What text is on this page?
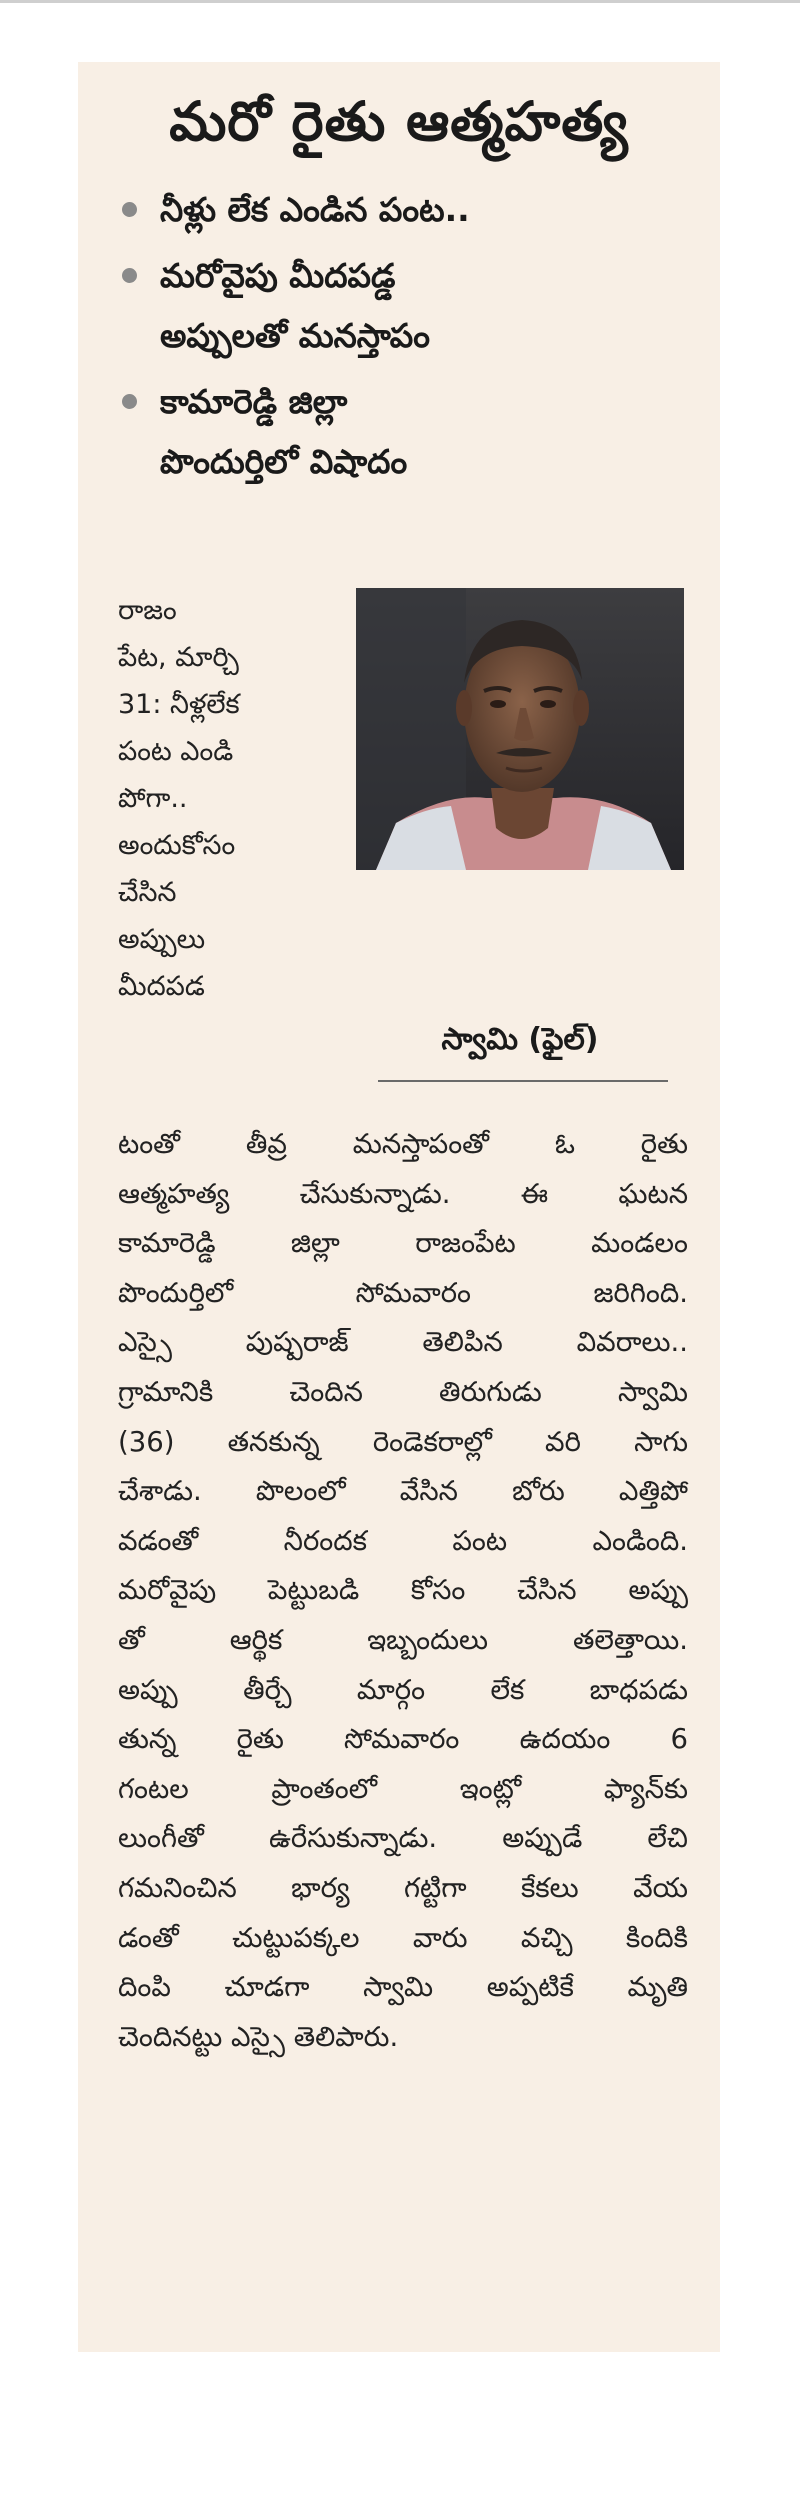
మరో రైతు ఆత్మహత్య
నీళ్లు లేక ఎండిన పంట..
మరోవైపు మీదపడ్డ
అప్పులతో మనస్తాపం
కామారెడ్డి జిల్లా
పొందుర్తిలో విషాదం
రాజం
పేట, మార్చి
31: నీళ్లలేక
పంట ఎండి
పోగా..
అందుకోసం
చేసిన
అప్పులు
మీదపడ
స్వామి (ఫైల్)
టంతో తీవ్ర మనస్తాపంతో ఓ రైతు
ఆత్మహత్య చేసుకున్నాడు. ఈ ఘటన
కామారెడ్డి జిల్లా రాజంపేట మండలం
పొందుర్తిలో సోమవారం జరిగింది.
ఎస్సై పుష్పరాజ్ తెలిపిన వివరాలు..
గ్రామానికి చెందిన తిరుగుడు స్వామి
(36) తనకున్న రెండెకరాల్లో వరి సాగు
చేశాడు. పొలంలో వేసిన బోరు ఎత్తిపో
వడంతో నీరందక పంట ఎండింది.
మరోవైపు పెట్టుబడి కోసం చేసిన అప్పు
తో ఆర్థిక ఇబ్బందులు తలెత్తాయి.
అప్పు తీర్చే మార్గం లేక బాధపడు
తున్న రైతు సోమవారం ఉదయం 6
గంటల ప్రాంతంలో ఇంట్లో ఫ్యాన్‌కు
లుంగీతో ఉరేసుకున్నాడు. అప్పుడే లేచి
గమనించిన భార్య గట్టిగా కేకలు వేయ
డంతో చుట్టుపక్కల వారు వచ్చి కిందికి
దింపి చూడగా స్వామి అప్పటికే మృతి
చెందినట్టు ఎస్సై తెలిపారు.
